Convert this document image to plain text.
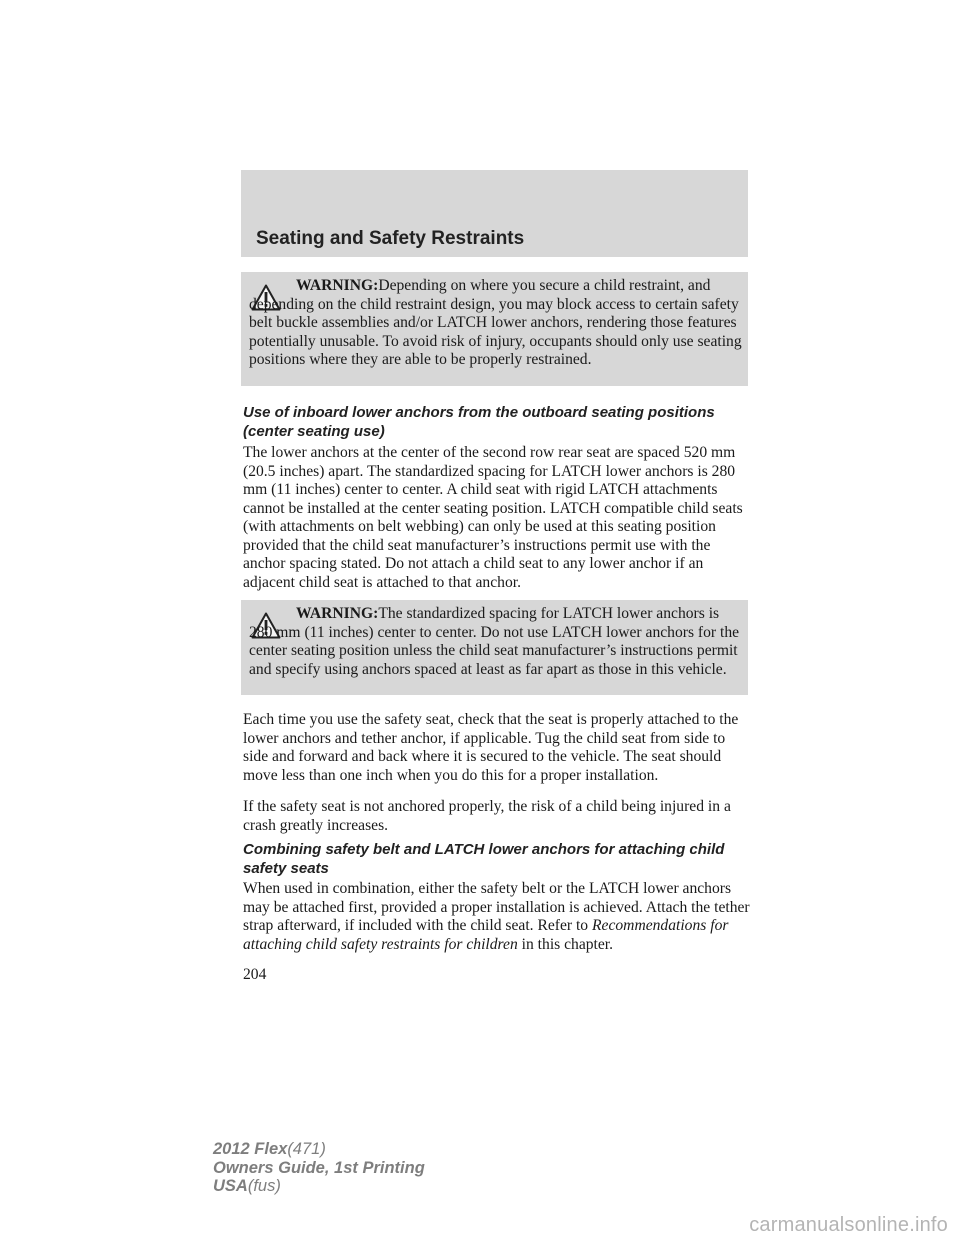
Seating and Safety Restraints
WARNING:Depending on where you secure a child restraint, and depending on the child restraint design, you may block access to certain safety belt buckle assemblies and/or LATCH lower anchors, rendering those features potentially unusable. To avoid risk of injury, occupants should only use seating positions where they are able to be properly restrained.
Use of inboard lower anchors from the outboard seating positions (center seating use)
The lower anchors at the center of the second row rear seat are spaced 520 mm (20.5 inches) apart. The standardized spacing for LATCH lower anchors is 280 mm (11 inches) center to center. A child seat with rigid LATCH attachments cannot be installed at the center seating position. LATCH compatible child seats (with attachments on belt webbing) can only be used at this seating position provided that the child seat manufacturer’s instructions permit use with the anchor spacing stated. Do not attach a child seat to any lower anchor if an adjacent child seat is attached to that anchor.
WARNING:The standardized spacing for LATCH lower anchors is 280 mm (11 inches) center to center. Do not use LATCH lower anchors for the center seating position unless the child seat manufacturer’s instructions permit and specify using anchors spaced at least as far apart as those in this vehicle.
Each time you use the safety seat, check that the seat is properly attached to the lower anchors and tether anchor, if applicable. Tug the child seat from side to side and forward and back where it is secured to the vehicle. The seat should move less than one inch when you do this for a proper installation.
If the safety seat is not anchored properly, the risk of a child being injured in a crash greatly increases.
Combining safety belt and LATCH lower anchors for attaching child safety seats
When used in combination, either the safety belt or the LATCH lower anchors may be attached first, provided a proper installation is achieved. Attach the tether strap afterward, if included with the child seat. Refer to Recommendations for attaching child safety restraints for children in this chapter.
204
2012 Flex(471)
Owners Guide, 1st Printing
USA(fus)
carmanualsonline.info
